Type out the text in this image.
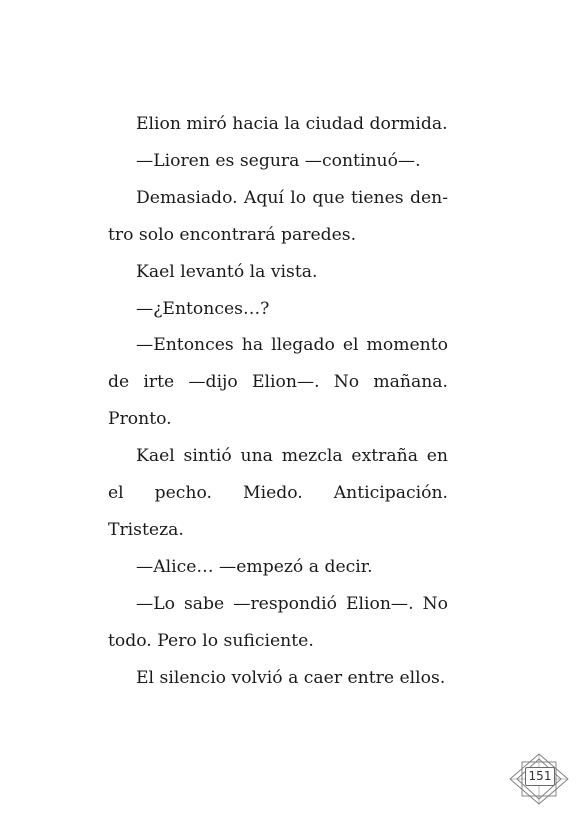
Elion miró hacia la ciudad dormida.

—Lioren es segura —continuó—.

Demasiado. Aquí lo que tienes dentro solo encontrará paredes.

Kael levantó la vista.

—¿Entonces…?

—Entonces ha llegado el momento de irte —dijo Elion—. No mañana. Pronto.

Kael sintió una mezcla extraña en el pecho. Miedo. Anticipación. Tristeza.

—Alice… —empezó a decir.

—Lo sabe —respondió Elion—. No todo. Pero lo suficiente.

El silencio volvió a caer entre ellos.

151
